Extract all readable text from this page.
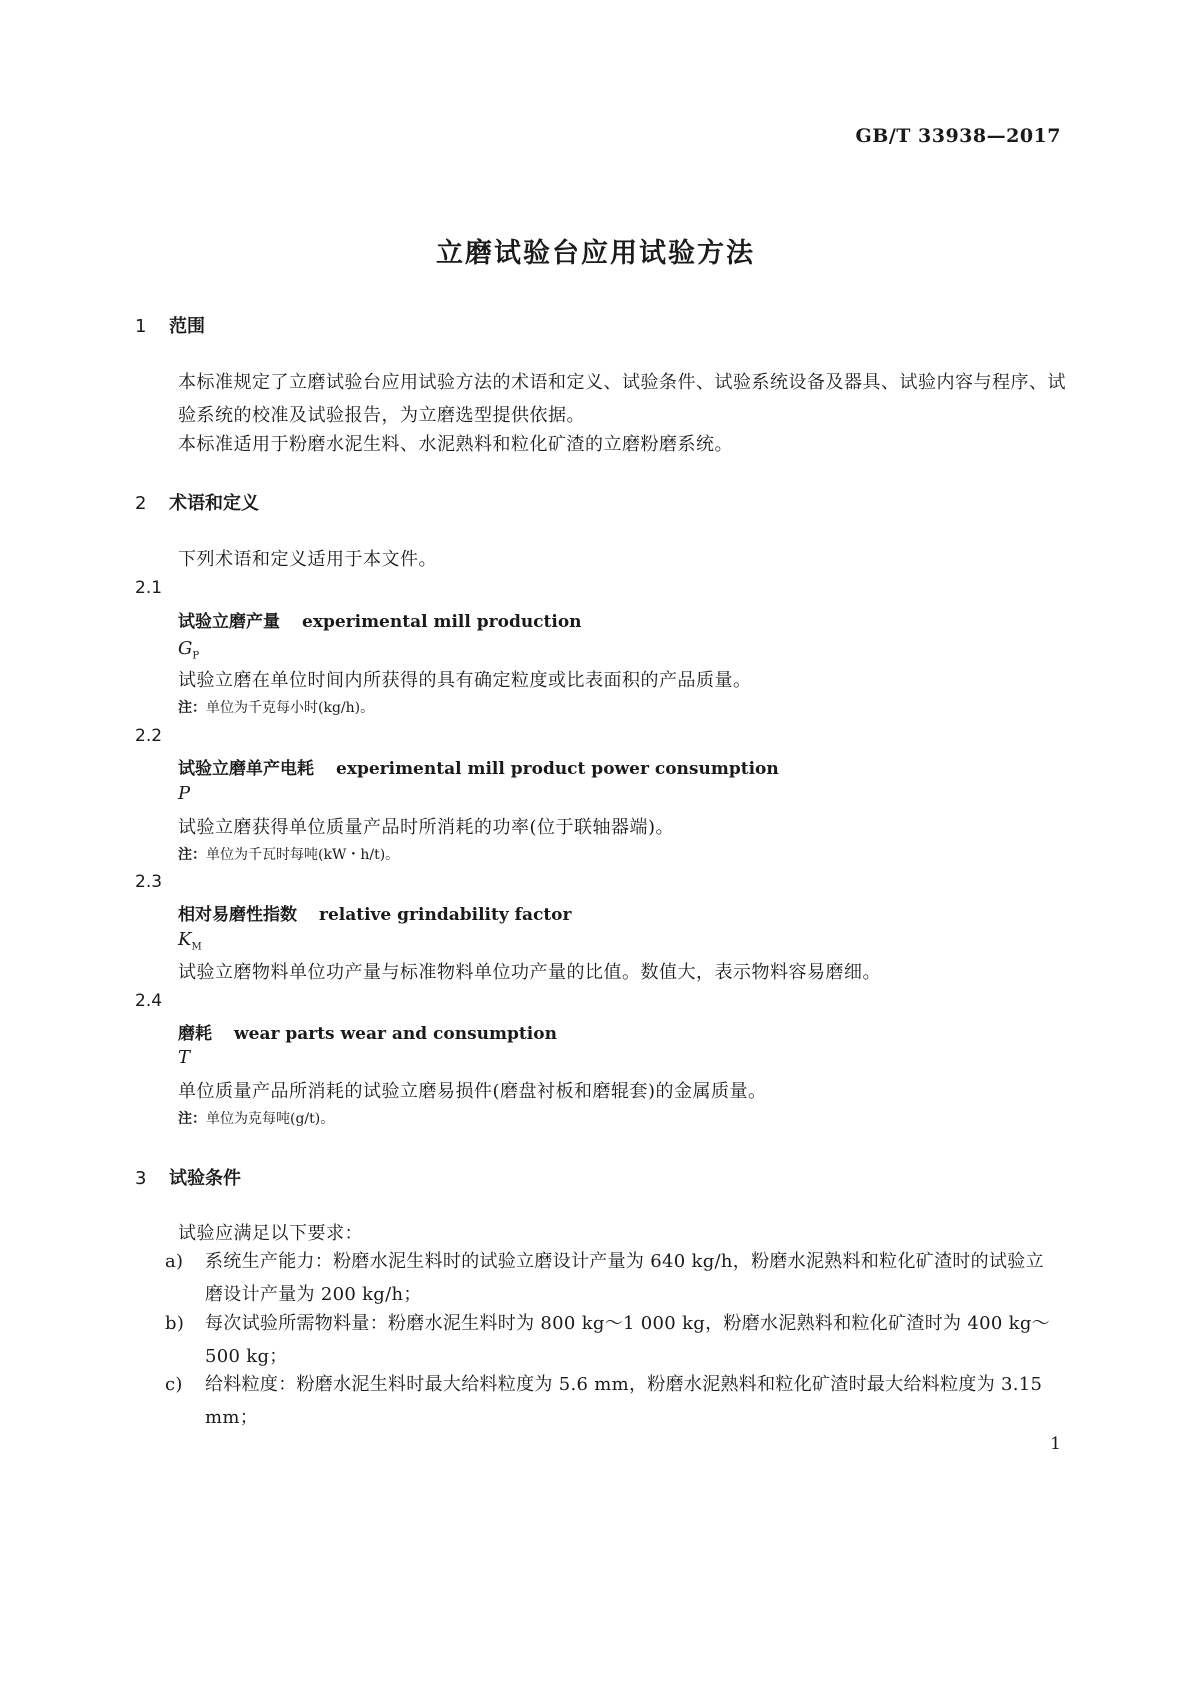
GB/T 33938—2017
立磨试验台应用试验方法
1 范围
本标准规定了立磨试验台应用试验方法的术语和定义、试验条件、试验系统设备及器具、试验内容与程序、试验系统的校准及试验报告，为立磨选型提供依据。
本标准适用于粉磨水泥生料、水泥熟料和粒化矿渣的立磨粉磨系统。
2 术语和定义
下列术语和定义适用于本文件。
2.1
试验立磨产量 experimental mill production
$G_P$
试验立磨在单位时间内所获得的具有确定粒度或比表面积的产品质量。
注：单位为千克每小时(kg/h)。
2.2
试验立磨单产电耗 experimental mill product power consumption
P
试验立磨获得单位质量产品时所消耗的功率(位于联轴器端)。
注：单位为千瓦时每吨(kW・h/t)。
2.3
相对易磨性指数 relative grindability factor
$K_M$
试验立磨物料单位功产量与标准物料单位功产量的比值。数值大，表示物料容易磨细。
2.4
磨耗 wear parts wear and consumption
T
单位质量产品所消耗的试验立磨易损件(磨盘衬板和磨辊套)的金属质量。
注：单位为克每吨(g/t)。
3 试验条件
试验应满足以下要求：
a) 系统生产能力：粉磨水泥生料时的试验立磨设计产量为 640 kg/h，粉磨水泥熟料和粒化矿渣时的试验立磨设计产量为 200 kg/h；
b) 每次试验所需物料量：粉磨水泥生料时为 800 kg～1 000 kg，粉磨水泥熟料和粒化矿渣时为 400 kg～500 kg；
c) 给料粒度：粉磨水泥生料时最大给料粒度为 5.6 mm，粉磨水泥熟料和粒化矿渣时最大给料粒度为 3.15 mm；
1
